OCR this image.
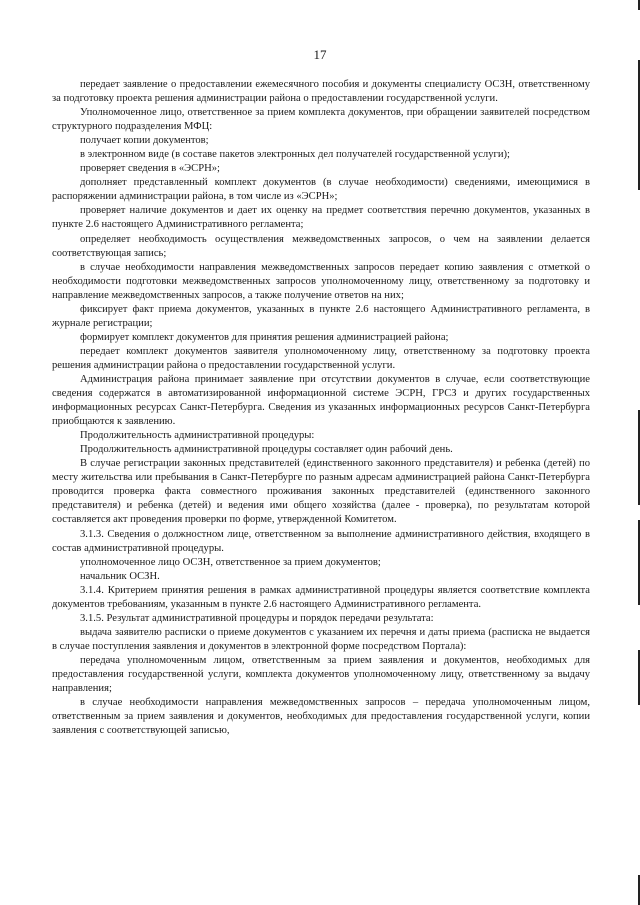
17

передает заявление о предоставлении ежемесячного пособия и документы специалисту ОСЗН, ответственному за подготовку проекта решения администрации района о предоставлении государственной услуги.

Уполномоченное лицо, ответственное за прием комплекта документов, при обращении заявителей посредством структурного подразделения МФЦ:

получает копии документов;

в электронном виде (в составе пакетов электронных дел получателей государственной услуги);

проверяет сведения в «ЭСРН»;

дополняет представленный комплект документов (в случае необходимости) сведениями, имеющимися в распоряжении администрации района, в том числе из «ЭСРН»;

проверяет наличие документов и дает их оценку на предмет соответствия перечню документов, указанных в пункте 2.6 настоящего Административного регламента;

определяет необходимость осуществления межведомственных запросов, о чем на заявлении делается соответствующая запись;

в случае необходимости направления межведомственных запросов передает копию заявления с отметкой о необходимости подготовки межведомственных запросов уполномоченному лицу, ответственному за подготовку и направление межведомственных запросов, а также получение ответов на них;

фиксирует факт приема документов, указанных в пункте 2.6 настоящего Административного регламента, в журнале регистрации;

формирует комплект документов для принятия решения администрацией района;

передает комплект документов заявителя уполномоченному лицу, ответственному за подготовку проекта решения администрации района о предоставлении государственной услуги.

Администрация района принимает заявление при отсутствии документов в случае, если соответствующие сведения содержатся в автоматизированной информационной системе ЭСРН, ГРСЗ и других государственных информационных ресурсах Санкт-Петербурга. Сведения из указанных информационных ресурсов Санкт-Петербурга приобщаются к заявлению.

Продолжительность административной процедуры:

Продолжительность административной процедуры составляет один рабочий день.

В случае регистрации законных представителей (единственного законного представителя) и ребенка (детей) по месту жительства или пребывания в Санкт-Петербурге по разным адресам администрацией района Санкт-Петербурга проводится проверка факта совместного проживания законных представителей (единственного законного представителя) и ребенка (детей) и ведения ими общего хозяйства (далее - проверка), по результатам которой составляется акт проведения проверки по форме, утвержденной Комитетом.

3.1.3. Сведения о должностном лице, ответственном за выполнение административного действия, входящего в состав административной процедуры.

уполномоченное лицо ОСЗН, ответственное за прием документов;

начальник ОСЗН.

3.1.4. Критерием принятия решения в рамках административной процедуры является соответствие комплекта документов требованиям, указанным в пункте 2.6 настоящего Административного регламента.

3.1.5. Результат административной процедуры и порядок передачи результата:

выдача заявителю расписки о приеме документов с указанием их перечня и даты приема (расписка не выдается в случае поступления заявления и документов в электронной форме посредством Портала):

передача уполномоченным лицом, ответственным за прием заявления и документов, необходимых для предоставления государственной услуги, комплекта документов уполномоченному лицу, ответственному за выдачу направления;

в случае необходимости направления межведомственных запросов – передача уполномоченным лицом, ответственным за прием заявления и документов, необходимых для предоставления государственной услуги, копии заявления с соответствующей записью,
